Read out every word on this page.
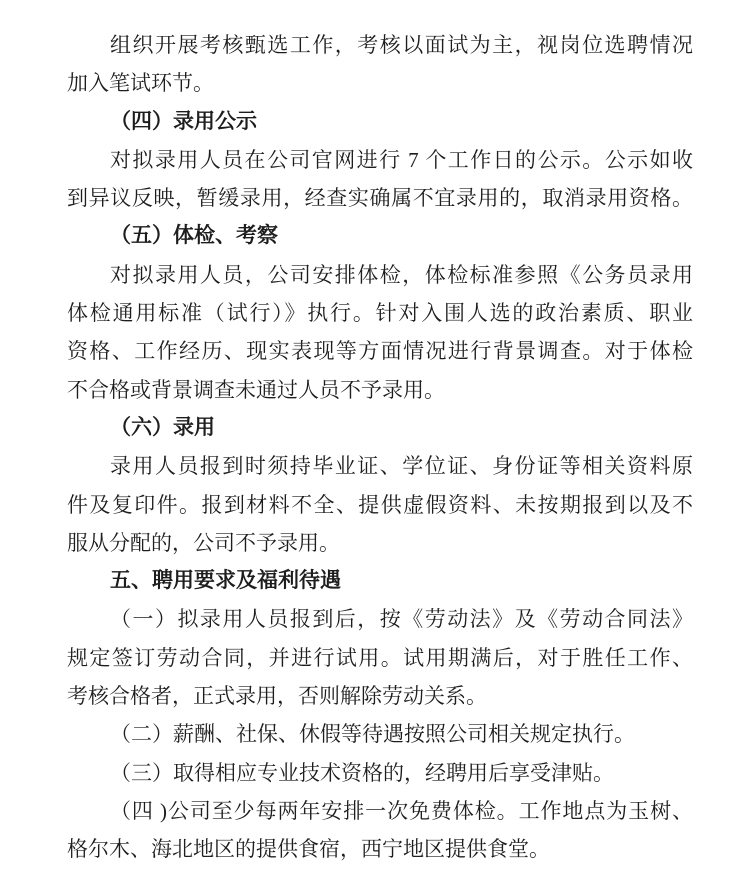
组织开展考核甄选工作，考核以面试为主，视岗位选聘情况
加入笔试环节。
（四）录用公示
对拟录用人员在公司官网进行 7 个工作日的公示。公示如收
到异议反映，暂缓录用，经查实确属不宜录用的，取消录用资格。
（五）体检、考察
对拟录用人员，公司安排体检，体检标准参照《公务员录用
体检通用标准（试行）》执行。针对入围人选的政治素质、职业
资格、工作经历、现实表现等方面情况进行背景调查。对于体检
不合格或背景调查未通过人员不予录用。
（六）录用
录用人员报到时须持毕业证、学位证、身份证等相关资料原
件及复印件。报到材料不全、提供虚假资料、未按期报到以及不
服从分配的，公司不予录用。
五、聘用要求及福利待遇
（一）拟录用人员报到后，按《劳动法》及《劳动合同法》
规定签订劳动合同，并进行试用。试用期满后，对于胜任工作、
考核合格者，正式录用，否则解除劳动关系。
（二）薪酬、社保、休假等待遇按照公司相关规定执行。
（三）取得相应专业技术资格的，经聘用后享受津贴。
（四 )公司至少每两年安排一次免费体检。工作地点为玉树、
格尔木、海北地区的提供食宿，西宁地区提供食堂。
